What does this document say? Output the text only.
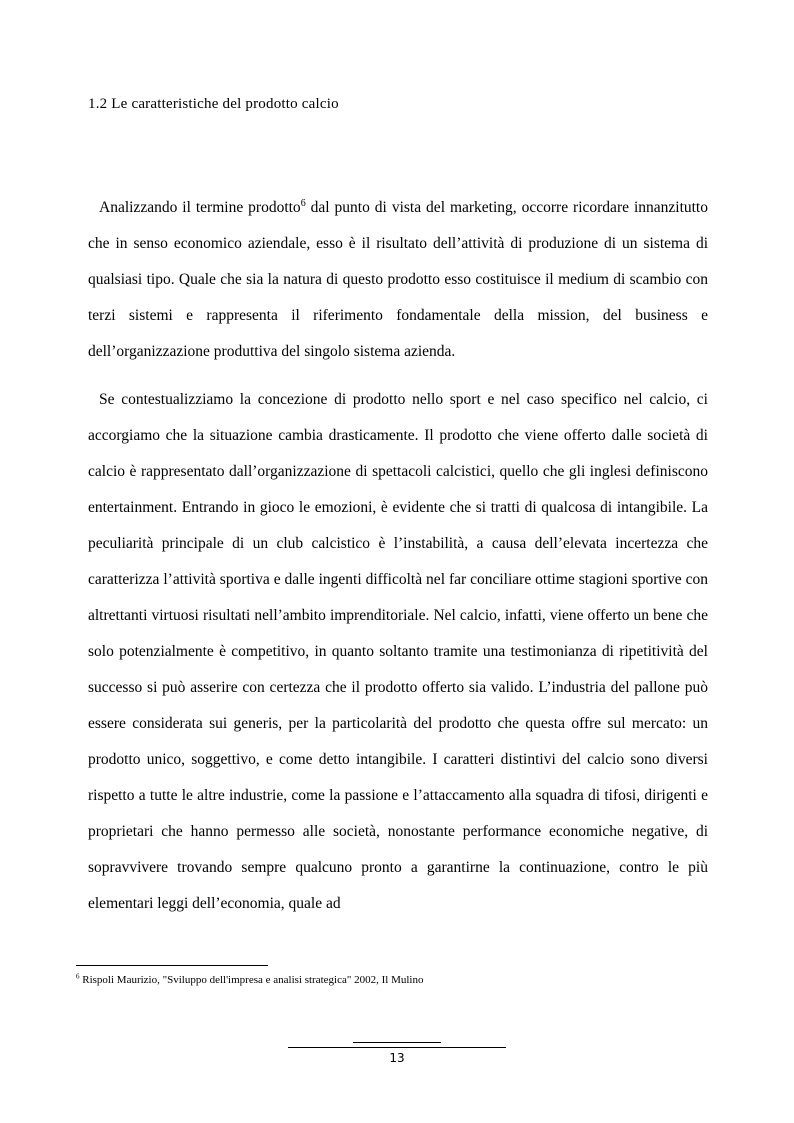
1.2 Le caratteristiche del prodotto calcio

Analizzando il termine prodotto$^6$ dal punto di vista del marketing, occorre ricordare innanzitutto che in senso economico aziendale, esso è il risultato dell’attività di produzione di un sistema di qualsiasi tipo. Quale che sia la natura di questo prodotto esso costituisce il medium di scambio con terzi sistemi e rappresenta il riferimento fondamentale della mission, del business e dell’organizzazione produttiva del singolo sistema azienda.

Se contestualizziamo la concezione di prodotto nello sport e nel caso specifico nel calcio, ci accorgiamo che la situazione cambia drasticamente. Il prodotto che viene offerto dalle società di calcio è rappresentato dall’organizzazione di spettacoli calcistici, quello che gli inglesi definiscono entertainment. Entrando in gioco le emozioni, è evidente che si tratti di qualcosa di intangibile. La peculiarità principale di un club calcistico è l’instabilità, a causa dell’elevata incertezza che caratterizza l’attività sportiva e dalle ingenti difficoltà nel far conciliare ottime stagioni sportive con altrettanti virtuosi risultati nell’ambito imprenditoriale. Nel calcio, infatti, viene offerto un bene che solo potenzialmente è competitivo, in quanto soltanto tramite una testimonianza di ripetitività del successo si può asserire con certezza che il prodotto offerto sia valido. L’industria del pallone può essere considerata sui generis, per la particolarità del prodotto che questa offre sul mercato: un prodotto unico, soggettivo, e come detto intangibile. I caratteri distintivi del calcio sono diversi rispetto a tutte le altre industrie, come la passione e l’attaccamento alla squadra di tifosi, dirigenti e proprietari che hanno permesso alle società, nonostante performance economiche negative, di sopravvivere trovando sempre qualcuno pronto a garantirne la continuazione, contro le più elementari leggi dell’economia, quale ad

$^6$ Rispoli Maurizio, "Sviluppo dell'impresa e analisi strategica" 2002, Il Mulino
13
